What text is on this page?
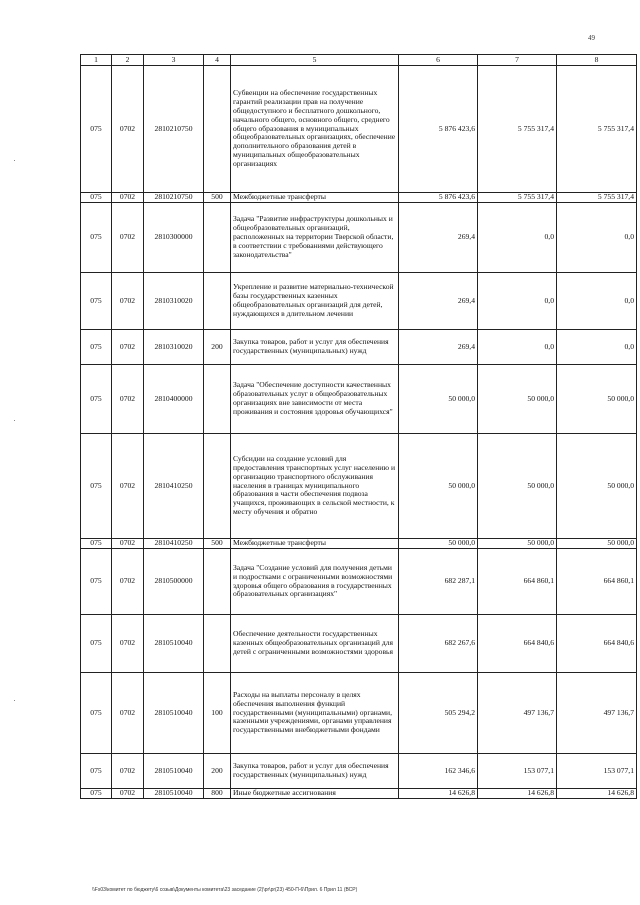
49
1	2	3	4	5	6	7	8
075	0702	2810210750		Субвенции на обеспечение государственных гарантий реализации прав на получение общедоступного и бесплатного дошкольного, начального общего, основного общего, среднего общего образования в муниципальных общеобразовательных организациях, обеспечение дополнительного образования детей в муниципальных общеобразовательных организациях	5 876 423,6	5 755 317,4	5 755 317,4
075	0702	2810210750	500	Межбюджетные трансферты	5 876 423,6	5 755 317,4	5 755 317,4
075	0702	2810300000		Задача "Развитие инфраструктуры дошкольных и общеобразовательных организаций, расположенных на территории Тверской области, в соответствии с требованиями действующего законодательства"	269,4	0,0	0,0
075	0702	2810310020		Укрепление и развитие материально-технической базы государственных казенных общеобразовательных организаций для детей, нуждающихся в длительном лечении	269,4	0,0	0,0
075	0702	2810310020	200	Закупка товаров, работ и услуг для обеспечения государственных (муниципальных) нужд	269,4	0,0	0,0
075	0702	2810400000		Задача "Обеспечение доступности качественных образовательных услуг в общеобразовательных организациях вне зависимости от места проживания и состояния здоровья обучающихся"	50 000,0	50 000,0	50 000,0
075	0702	2810410250		Субсидии на создание условий для предоставления транспортных услуг населению и организацию транспортного обслуживания населения в границах муниципального образования в части обеспечения подвоза учащихся, проживающих в сельской местности, к месту обучения и обратно	50 000,0	50 000,0	50 000,0
075	0702	2810410250	500	Межбюджетные трансферты	50 000,0	50 000,0	50 000,0
075	0702	2810500000		Задача "Создание условий для получения детьми и подростками с ограниченными возможностями здоровья общего образования в государственных образовательных организациях"	682 287,1	664 860,1	664 860,1
075	0702	2810510040		Обеспечение деятельности государственных казенных общеобразовательных организаций для детей с ограниченными возможностями здоровья	682 267,6	664 840,6	664 840,6
075	0702	2810510040	100	Расходы на выплаты персоналу в целях обеспечения выполнения функций государственными (муниципальными) органами, казенными учреждениями, органами управления государственными внебюджетными фондами	505 294,2	497 136,7	497 136,7
075	0702	2810510040	200	Закупка товаров, работ и услуг для обеспечения государственных (муниципальных) нужд	162 346,6	153 077,1	153 077,1
075	0702	2810510040	800	Иные бюджетные ассигнования	14 626,8	14 626,8	14 626,8
\\Fs03\комитет по бюджету\6 созыв\Документы комитета\23 заседание (2)\pr\pr(23) 450-П-6\Прил. 6 Прил 11 (ВСР)
